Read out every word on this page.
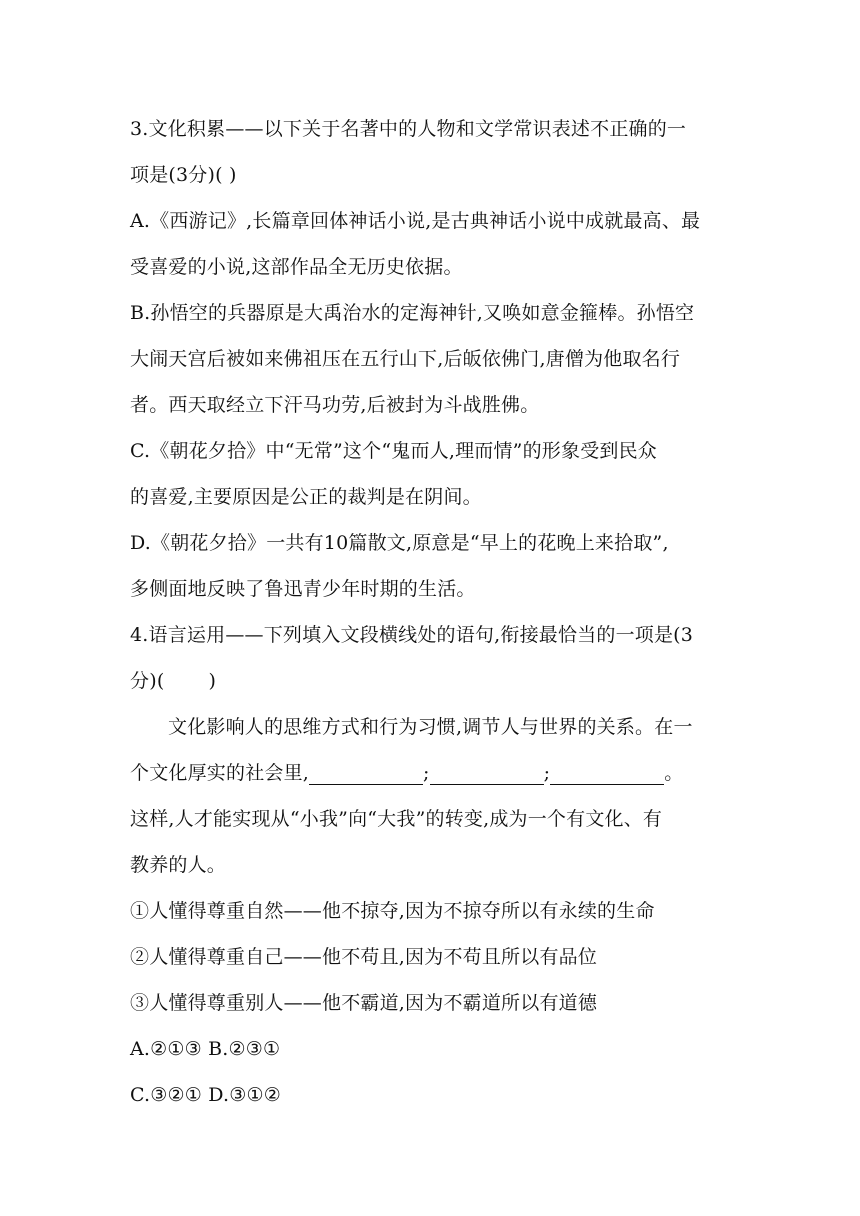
3.文化积累——以下关于名著中的人物和文学常识表述不正确的一
项是(3分)( )
A.《西游记》,长篇章回体神话小说,是古典神话小说中成就最高、最
受喜爱的小说,这部作品全无历史依据。
B.孙悟空的兵器原是大禹治水的定海神针,又唤如意金箍棒。孙悟空
大闹天宫后被如来佛祖压在五行山下,后皈依佛门,唐僧为他取名行
者。西天取经立下汗马功劳,后被封为斗战胜佛。
C.《朝花夕拾》中“无常”这个“鬼而人,理而情”的形象受到民众
的喜爱,主要原因是公正的裁判是在阴间。
D.《朝花夕拾》一共有10篇散文,原意是“早上的花晚上来拾取”,
多侧面地反映了鲁迅青少年时期的生活。
4.语言运用——下列填入文段横线处的语句,衔接最恰当的一项是(3
分)( )
文化影响人的思维方式和行为习惯,调节人与世界的关系。在一
个文化厚实的社会里,	;	;	。
这样,人才能实现从“小我”向“大我”的转变,成为一个有文化、有
教养的人。
①人懂得尊重自然——他不掠夺,因为不掠夺所以有永续的生命
②人懂得尊重自己——他不苟且,因为不苟且所以有品位
③人懂得尊重别人——他不霸道,因为不霸道所以有道德
A.②①③ B.②③①
C.③②① D.③①②
